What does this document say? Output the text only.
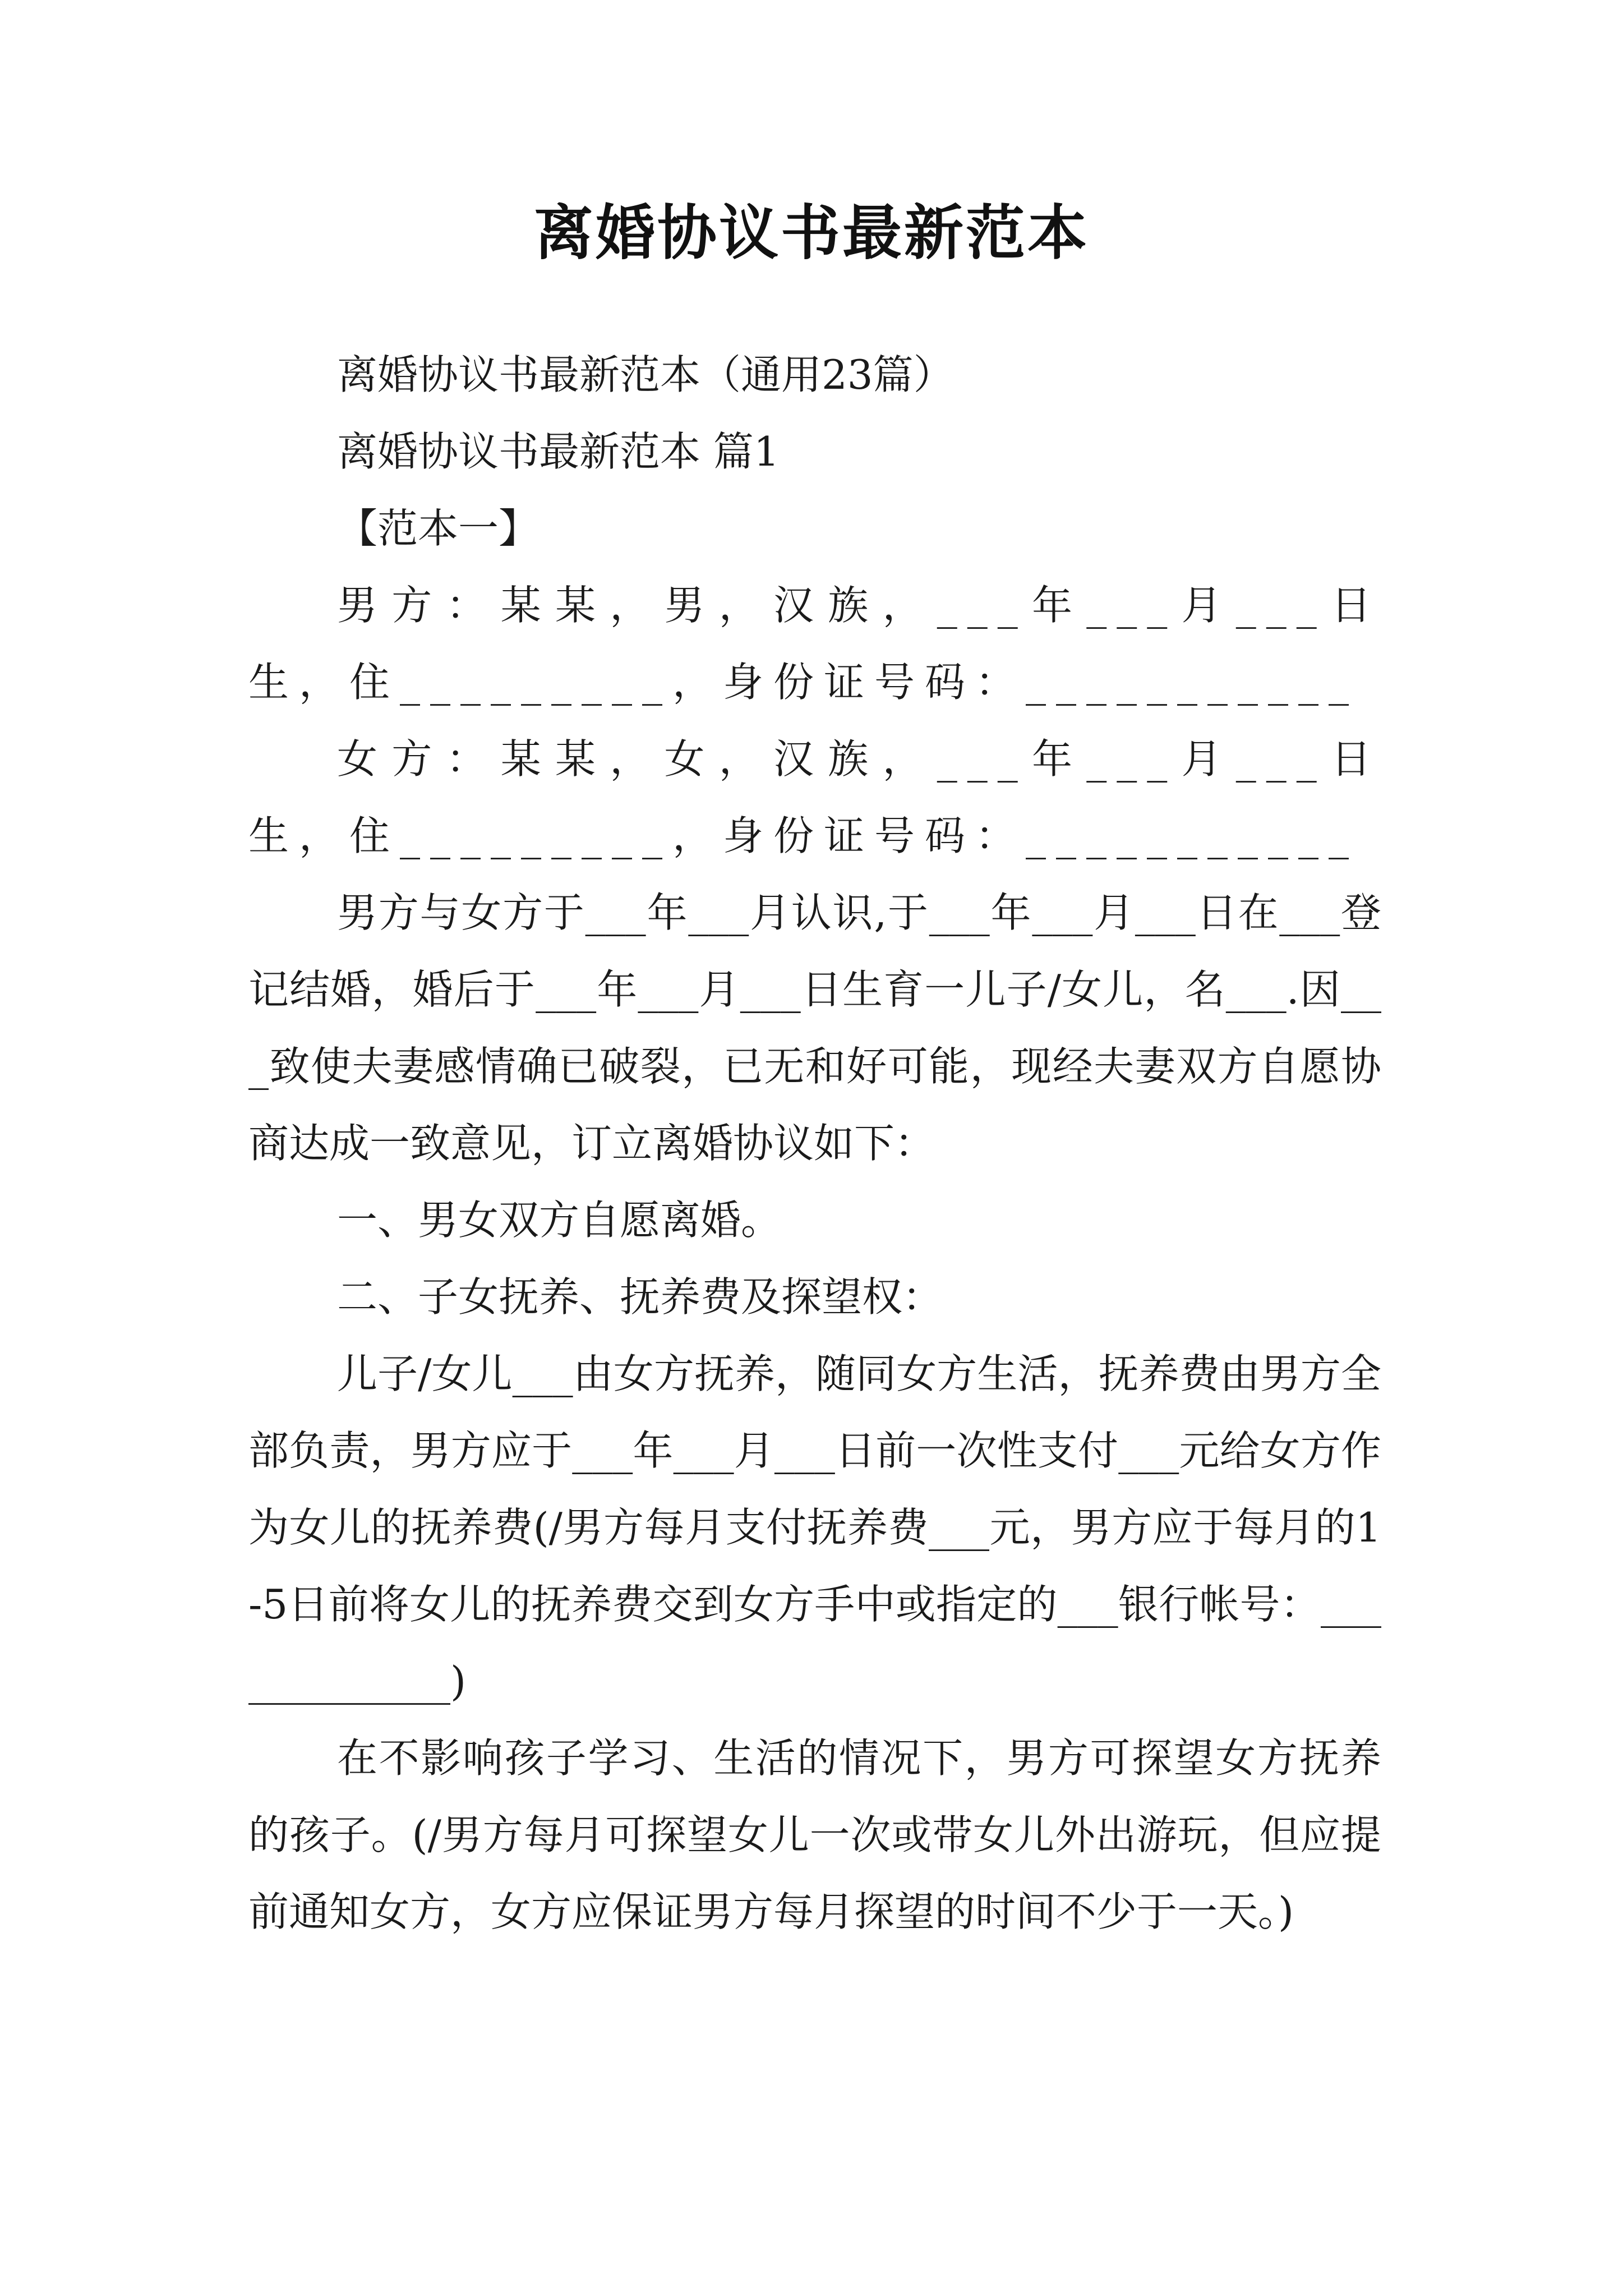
离婚协议书最新范本

离婚协议书最新范本（通用23篇）

离婚协议书最新范本 篇1

【范本一】

男方：某某，男，汉族，___年___月___日生，住_________，身份证号码：___________

女方：某某，女，汉族，___年___月___日生，住_________，身份证号码：___________

男方与女方于___年___月认识,于___年___月___日在___登记结婚，婚后于___年___月___日生育一儿子/女儿，名___.因___致使夫妻感情确已破裂，已无和好可能，现经夫妻双方自愿协商达成一致意见，订立离婚协议如下：

一、男女双方自愿离婚。

二、子女抚养、抚养费及探望权：

儿子/女儿___由女方抚养，随同女方生活，抚养费由男方全部负责，男方应于___年___月___日前一次性支付___元给女方作为女儿的抚养费(/男方每月支付抚养费___元，男方应于每月的1-5日前将女儿的抚养费交到女方手中或指定的___银行帐号：_____________)

在不影响孩子学习、生活的情况下，男方可探望女方抚养的孩子。(/男方每月可探望女儿一次或带女儿外出游玩，但应提前通知女方，女方应保证男方每月探望的时间不少于一天。)
